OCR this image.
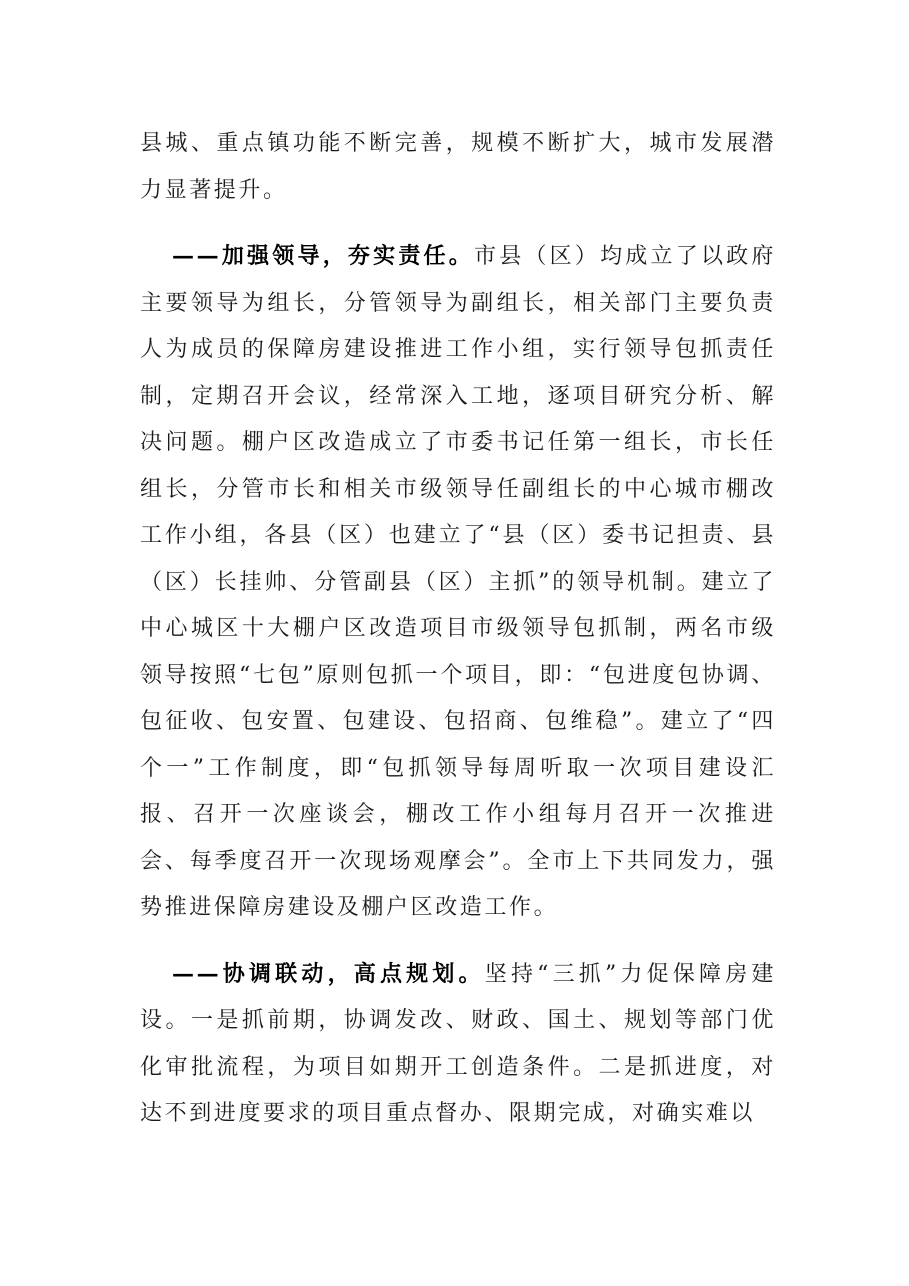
县城、重点镇功能不断完善，规模不断扩大，城市发展潜力显著提升。

——加强领导，夯实责任。市县（区）均成立了以政府主要领导为组长，分管领导为副组长，相关部门主要负责人为成员的保障房建设推进工作小组，实行领导包抓责任制，定期召开会议，经常深入工地，逐项目研究分析、解决问题。棚户区改造成立了市委书记任第一组长，市长任组长，分管市长和相关市级领导任副组长的中心城市棚改工作小组，各县（区）也建立了“县（区）委书记担责、县（区）长挂帅、分管副县（区）主抓”的领导机制。建立了中心城区十大棚户区改造项目市级领导包抓制，两名市级领导按照“七包”原则包抓一个项目，即：“包进度包协调、包征收、包安置、包建设、包招商、包维稳”。建立了“四个一”工作制度，即“包抓领导每周听取一次项目建设汇报、召开一次座谈会，棚改工作小组每月召开一次推进会、每季度召开一次现场观摩会”。全市上下共同发力，强势推进保障房建设及棚户区改造工作。

——协调联动，高点规划。坚持“三抓”力促保障房建设。一是抓前期，协调发改、财政、国土、规划等部门优化审批流程，为项目如期开工创造条件。二是抓进度，对达不到进度要求的项目重点督办、限期完成，对确实难以
